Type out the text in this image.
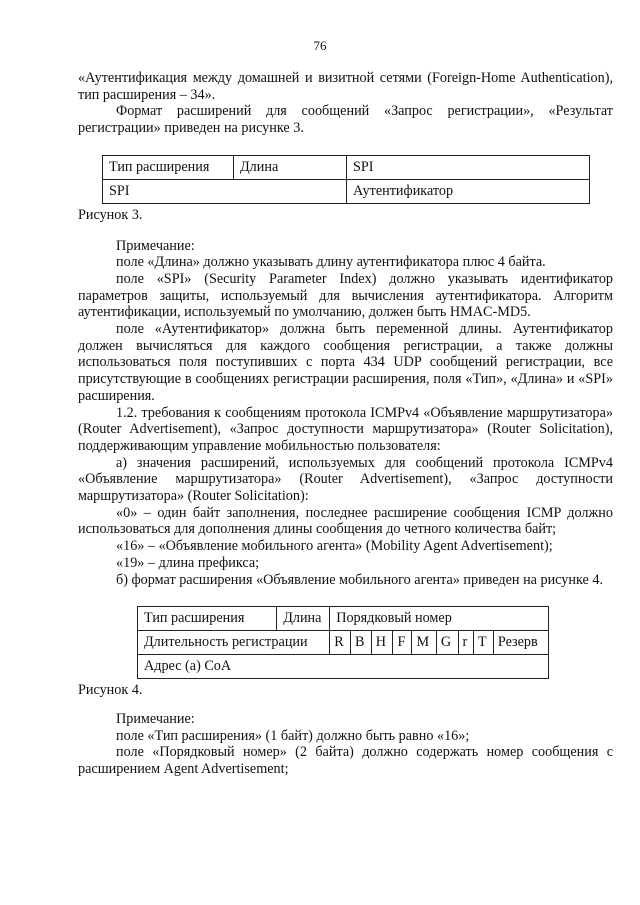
76

«Аутентификация между домашней и визитной сетями (Foreign-Home Authentication), тип расширения – 34».

Формат расширений для сообщений «Запрос регистрации», «Результат регистрации» приведен на рисунке 3.

Тип расширения	Длина	SPI
SPI		Аутентификатор

Рисунок 3.

Примечание:

поле «Длина» должно указывать длину аутентификатора плюс 4 байта.

поле «SPI» (Security Parameter Index) должно указывать идентификатор параметров защиты, используемый для вычисления аутентификатора. Алгоритм аутентификации, используемый по умолчанию, должен быть HMAC-MD5.

поле «Аутентификатор» должна быть переменной длины. Аутентификатор должен вычисляться для каждого сообщения регистрации, а также должны использоваться поля поступивших с порта 434 UDP сообщений регистрации, все присутствующие в сообщениях регистрации расширения, поля «Тип», «Длина» и «SPI» расширения.

1.2. требования к сообщениям протокола ICMPv4 «Объявление маршрутизатора» (Router Advertisement), «Запрос доступности маршрутизатора» (Router Solicitation), поддерживающим управление мобильностью пользователя:

а) значения расширений, используемых для сообщений протокола ICMPv4 «Объявление маршрутизатора» (Router Advertisement), «Запрос доступности маршрутизатора» (Router Solicitation):

«0» – один байт заполнения, последнее расширение сообщения ICMP должно использоваться для дополнения длины сообщения до четного количества байт;

«16» – «Объявление мобильного агента» (Mobility Agent Advertisement);

«19» – длина префикса;

б) формат расширения «Объявление мобильного агента» приведен на рисунке 4.

Тип расширения	Длина	Порядковый номер								
Длительность регистрации		R	B	H	F	M	G	r	T	Резерв
Адрес (а) CoA										

Рисунок 4.

Примечание:

поле «Тип расширения» (1 байт) должно быть равно «16»;

поле «Порядковый номер» (2 байта) должно содержать номер сообщения с расширением Agent Advertisement;
